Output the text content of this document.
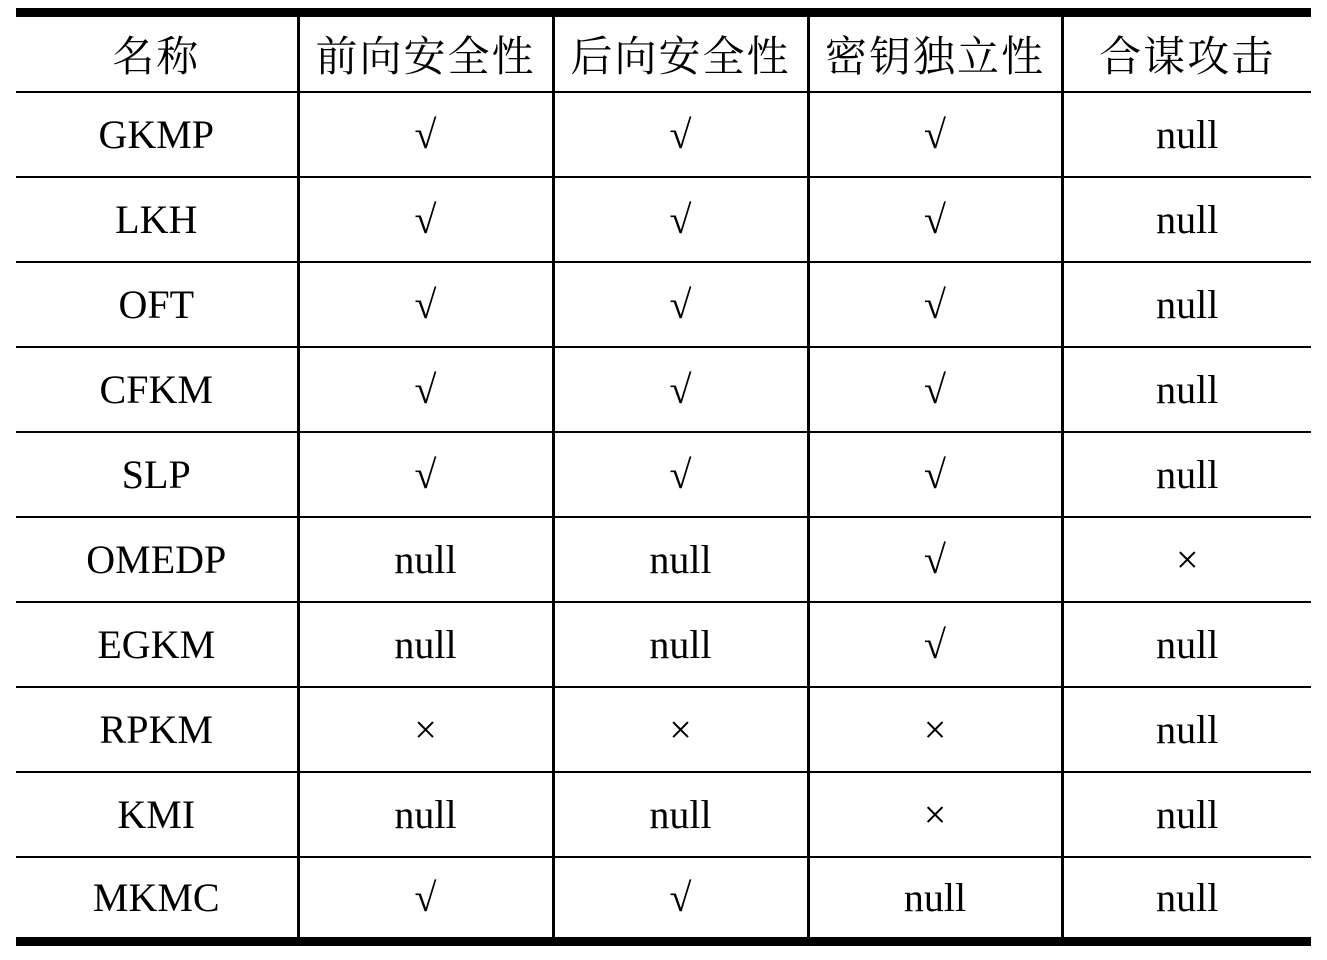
名称	前向安全性	后向安全性	密钥独立性	合谋攻击
GKMP	√	√	√	null
LKH	√	√	√	null
OFT	√	√	√	null
CFKM	√	√	√	null
SLP	√	√	√	null
OMEDP	null	null	√	×
EGKM	null	null	√	null
RPKM	×	×	×	null
KMI	null	null	×	null
MKMC	√	√	null	null
